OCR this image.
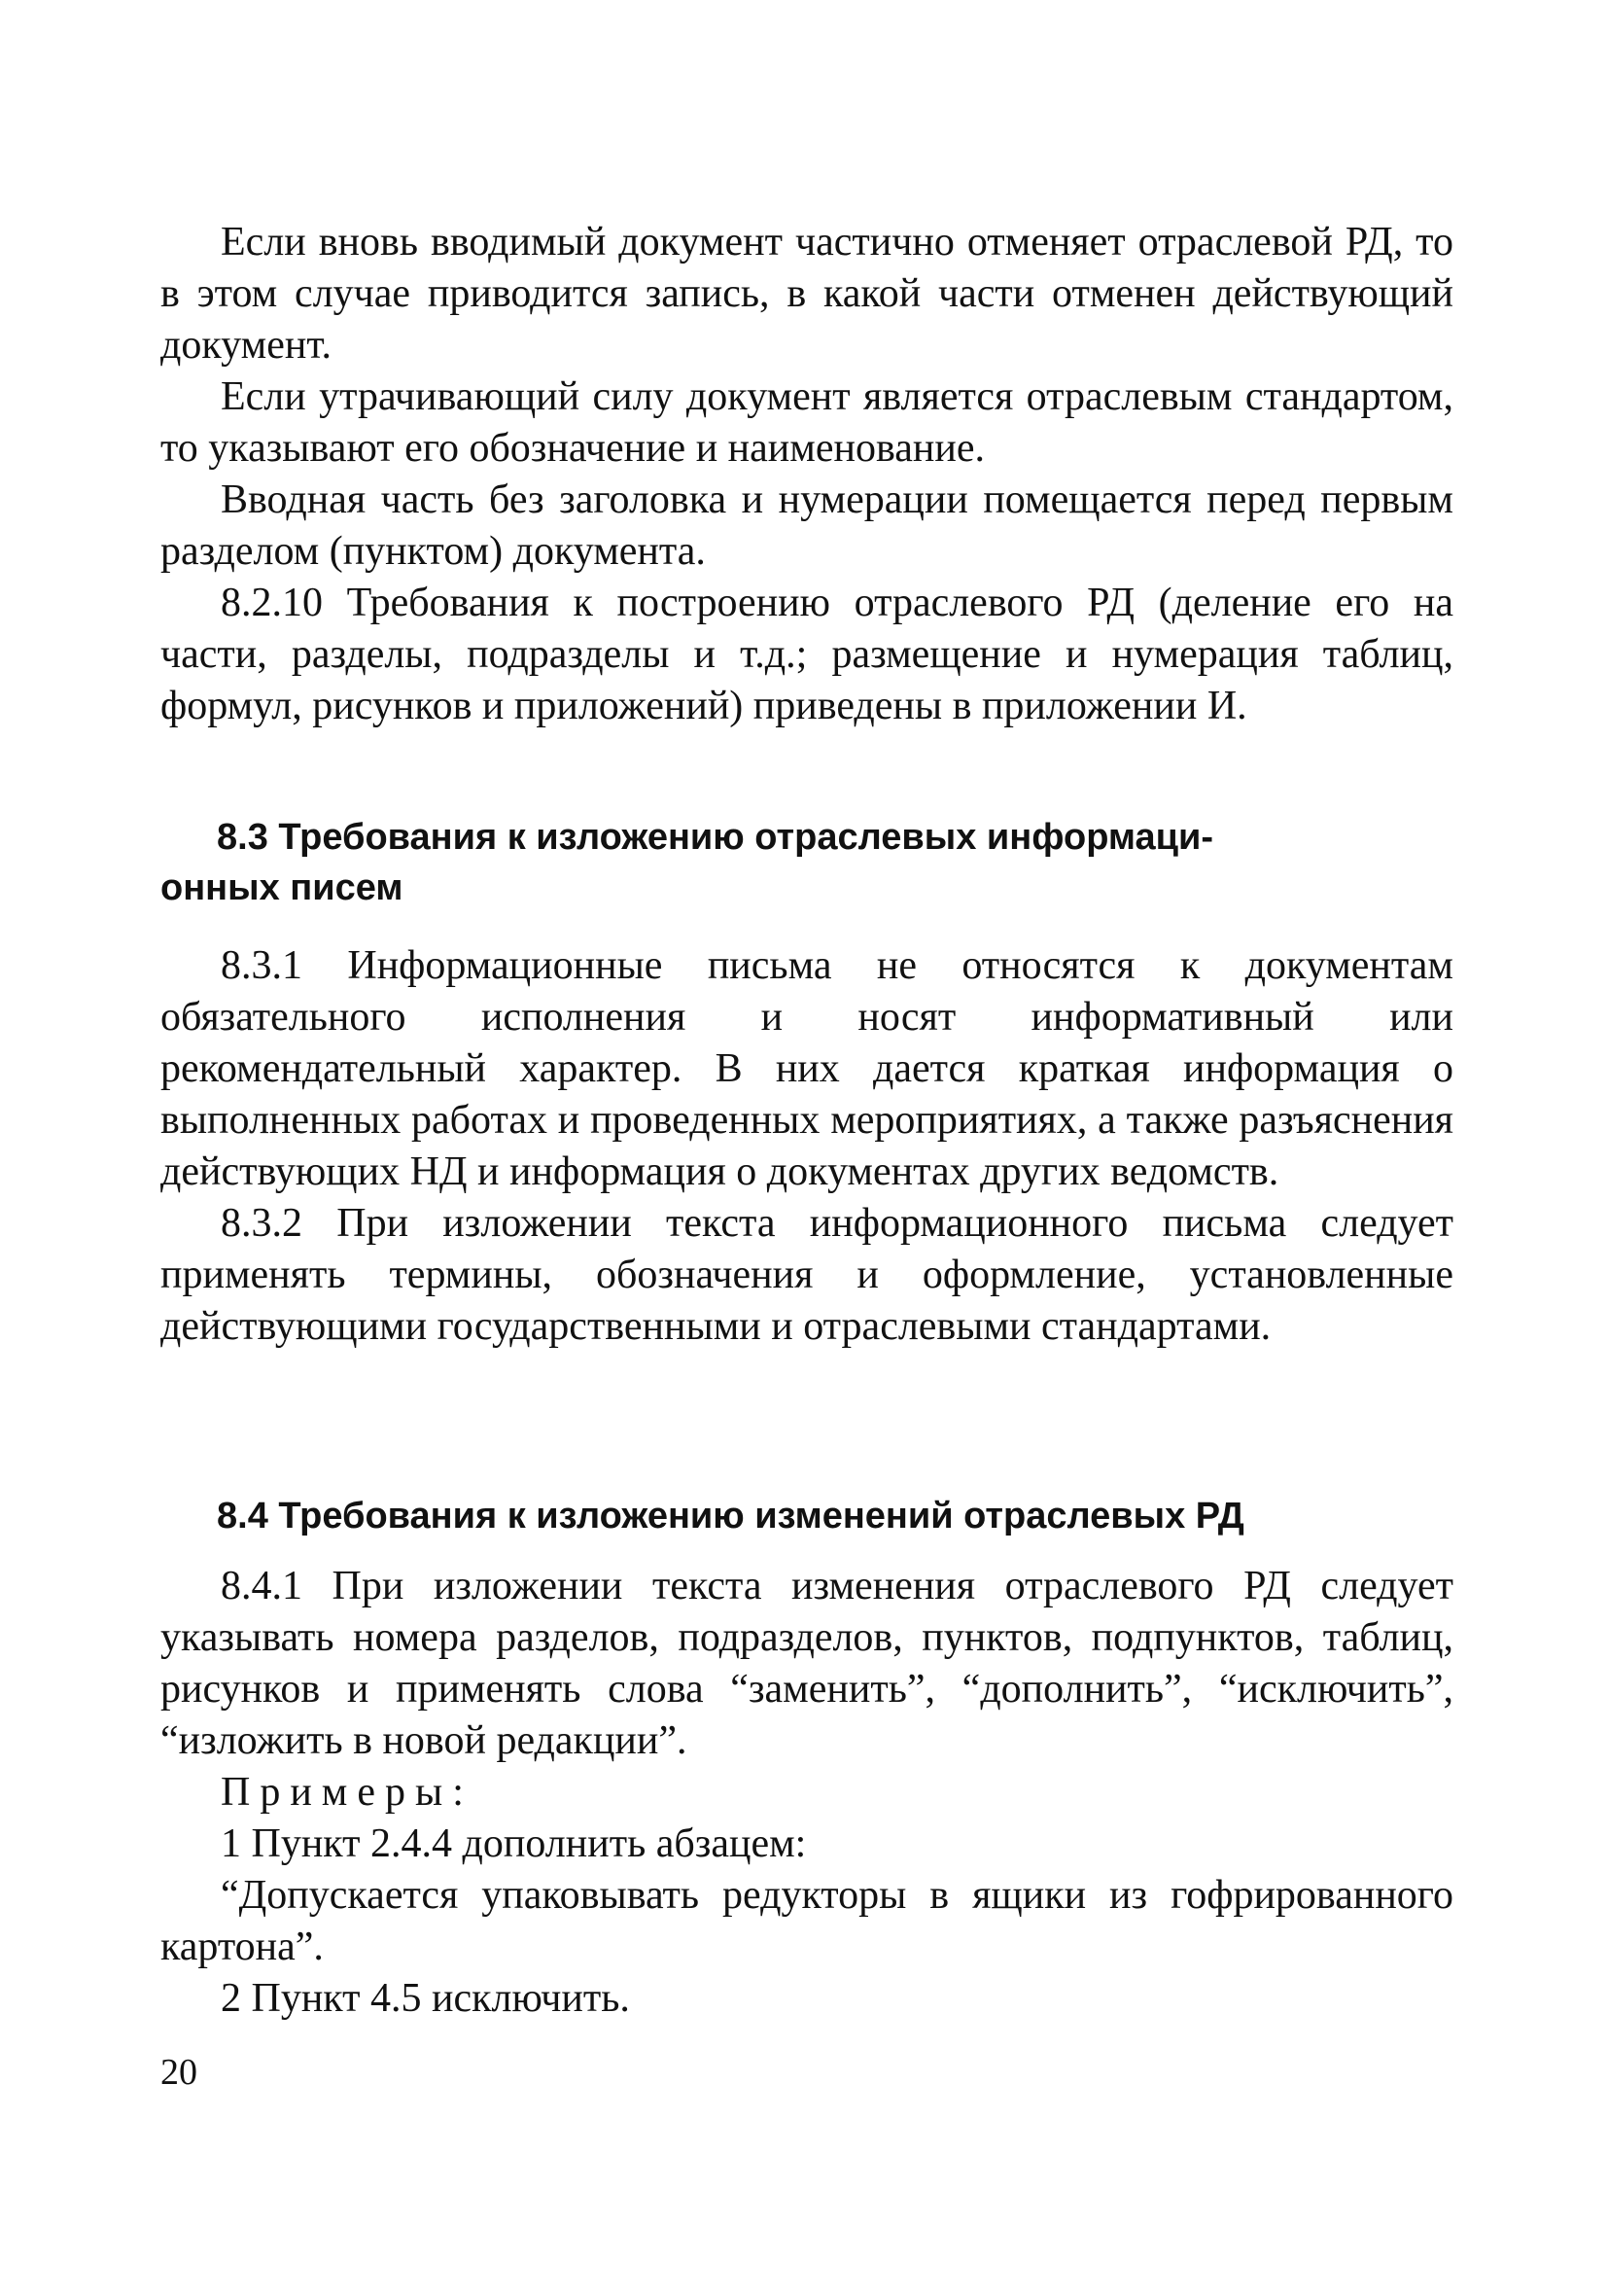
Если вновь вводимый документ частично отменяет отраслевой РД, то в этом случае приводится запись, в какой части отменен действующий документ.

Если утрачивающий силу документ является отраслевым стандартом, то указывают его обозначение и наименование.

Вводная часть без заголовка и нумерации помещается перед первым разделом (пунктом) документа.

8.2.10 Требования к построению отраслевого РД (деление его на части, разделы, подразделы и т.д.; размещение и нумерация таблиц, формул, рисунков и приложений) приведены в приложении И.

8.3 Требования к изложению отраслевых информаци-

онных писем

8.3.1 Информационные письма не относятся к документам обязательного исполнения и носят информативный или рекомендательный характер. В них дается краткая информация о выполненных работах и проведенных мероприятиях, а также разъяснения действующих НД и информация о документах других ведомств.

8.3.2 При изложении текста информационного письма следует применять термины, обозначения и оформление, установленные действующими государственными и отраслевыми стандартами.

8.4 Требования к изложению изменений отраслевых РД

8.4.1 При изложении текста изменения отраслевого РД следует указывать номера разделов, подразделов, пунктов, подпунктов, таблиц, рисунков и применять слова “заменить”, “дополнить”, “исключить”, “изложить в новой редакции”.

Примеры:

1 Пункт 2.4.4 дополнить абзацем:

“Допускается упаковывать редукторы в ящики из гофрированного картона”.

2 Пункт 4.5 исключить.

20
